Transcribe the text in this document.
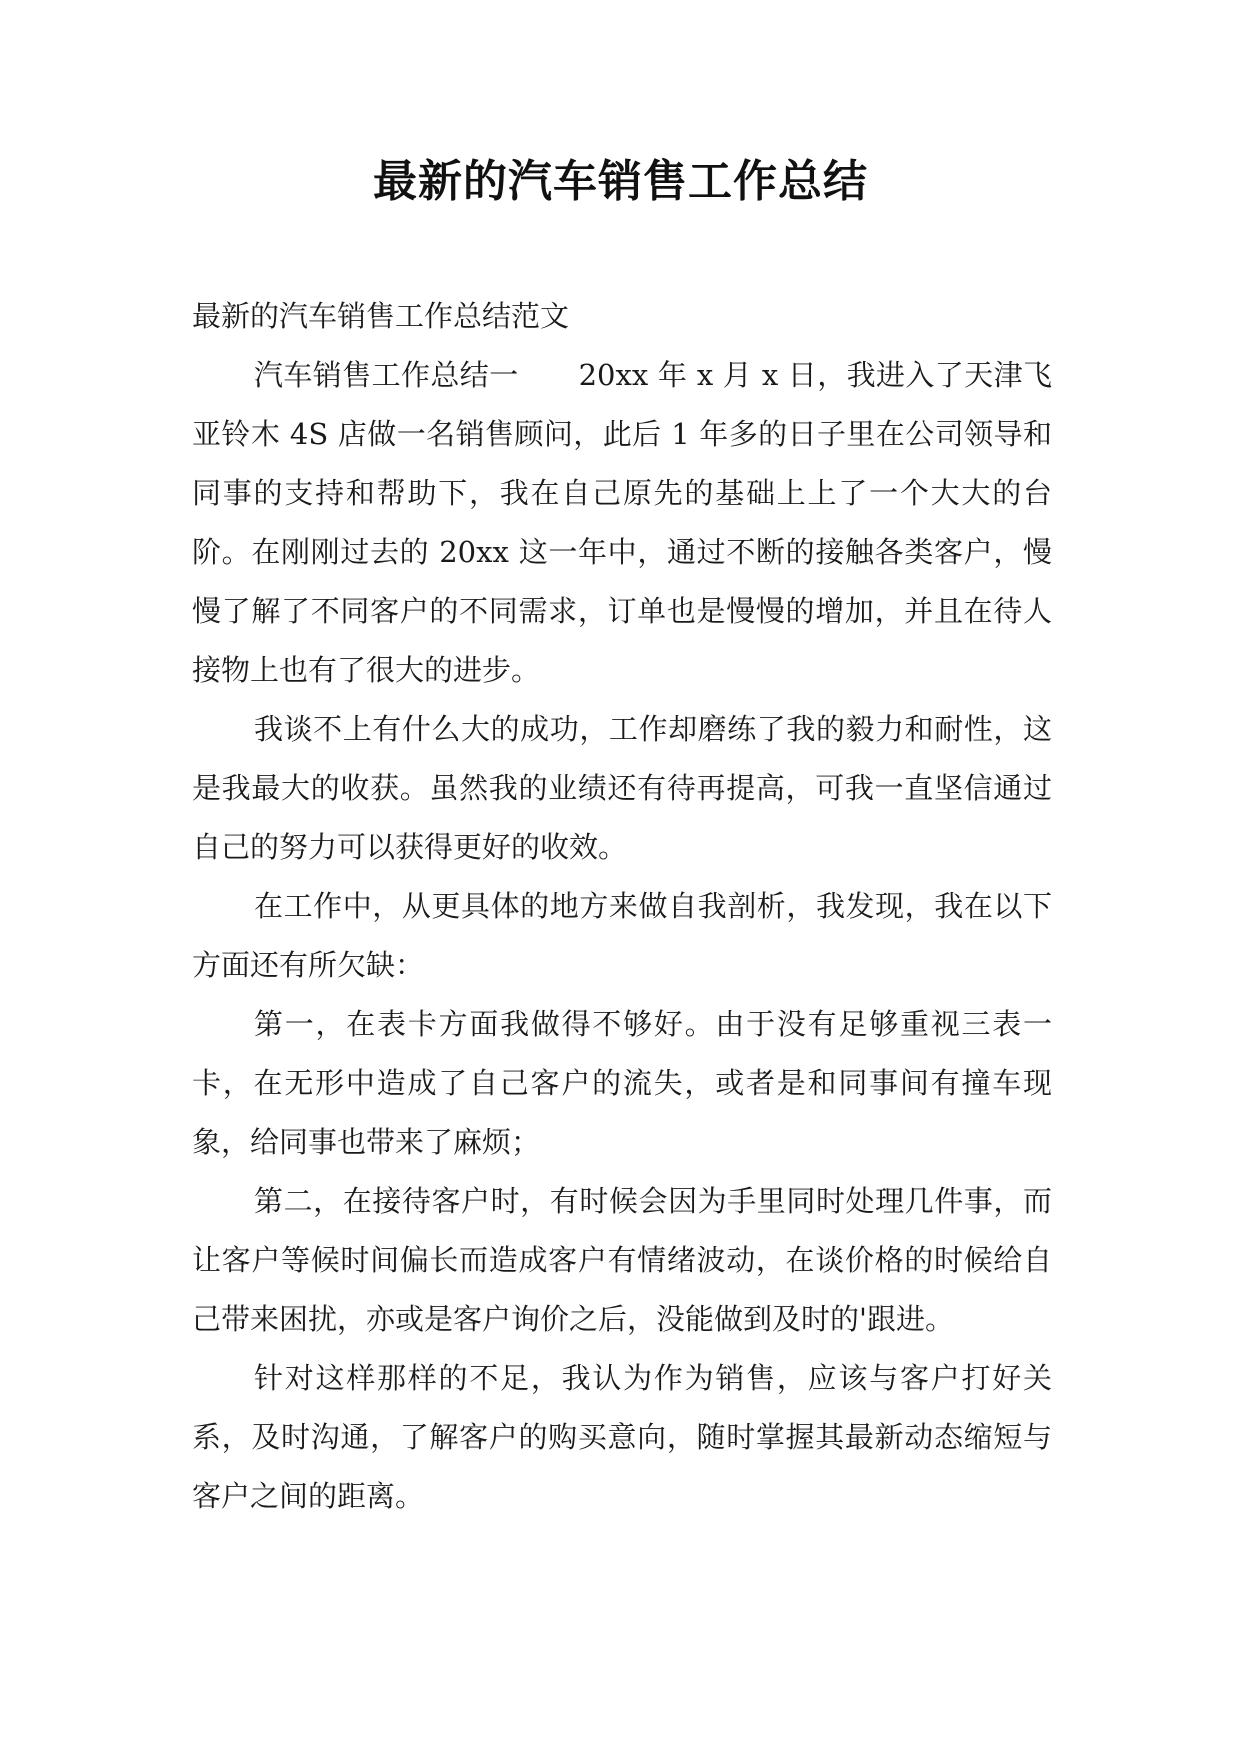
最新的汽车销售工作总结

最新的汽车销售工作总结范文

汽车销售工作总结一 20xx 年 x 月 x 日，我进入了天津飞亚铃木 4S 店做一名销售顾问，此后 1 年多的日子里在公司领导和同事的支持和帮助下，我在自己原先的基础上上了一个大大的台阶。在刚刚过去的 20xx 这一年中，通过不断的接触各类客户，慢慢了解了不同客户的不同需求，订单也是慢慢的增加，并且在待人接物上也有了很大的进步。

我谈不上有什么大的成功，工作却磨练了我的毅力和耐性，这是我最大的收获。虽然我的业绩还有待再提高，可我一直坚信通过自己的努力可以获得更好的收效。

在工作中，从更具体的地方来做自我剖析，我发现，我在以下方面还有所欠缺：

第一，在表卡方面我做得不够好。由于没有足够重视三表一卡，在无形中造成了自己客户的流失，或者是和同事间有撞车现象，给同事也带来了麻烦；

第二，在接待客户时，有时候会因为手里同时处理几件事，而让客户等候时间偏长而造成客户有情绪波动，在谈价格的时候给自己带来困扰，亦或是客户询价之后，没能做到及时的'跟进。

针对这样那样的不足，我认为作为销售，应该与客户打好关系，及时沟通，了解客户的购买意向，随时掌握其最新动态缩短与客户之间的距离。
